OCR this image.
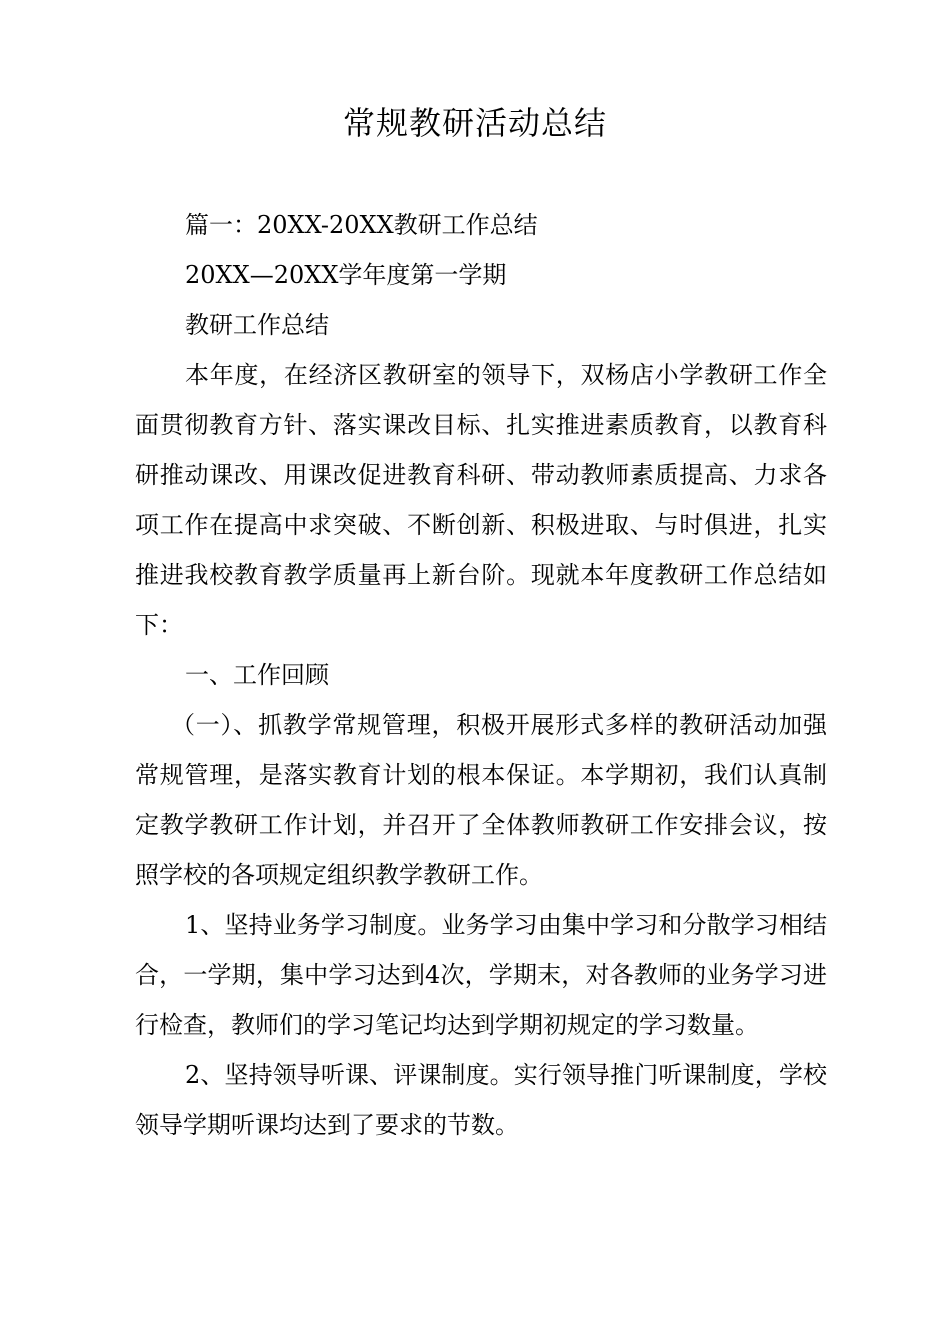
常规教研活动总结

篇一：20XX-20XX教研工作总结

20XX—20XX学年度第一学期

教研工作总结

本年度，在经济区教研室的领导下，双杨店小学教研工作全面贯彻教育方针、落实课改目标、扎实推进素质教育，以教育科研推动课改、用课改促进教育科研、带动教师素质提高、力求各项工作在提高中求突破、不断创新、积极进取、与时俱进，扎实推进我校教育教学质量再上新台阶。现就本年度教研工作总结如下：

一、工作回顾

（一）、抓教学常规管理，积极开展形式多样的教研活动加强常规管理，是落实教育计划的根本保证。本学期初，我们认真制定教学教研工作计划，并召开了全体教师教研工作安排会议，按照学校的各项规定组织教学教研工作。

1、坚持业务学习制度。业务学习由集中学习和分散学习相结合，一学期，集中学习达到4次，学期末，对各教师的业务学习进行检查，教师们的学习笔记均达到学期初规定的学习数量。

2、坚持领导听课、评课制度。实行领导推门听课制度，学校领导学期听课均达到了要求的节数。
